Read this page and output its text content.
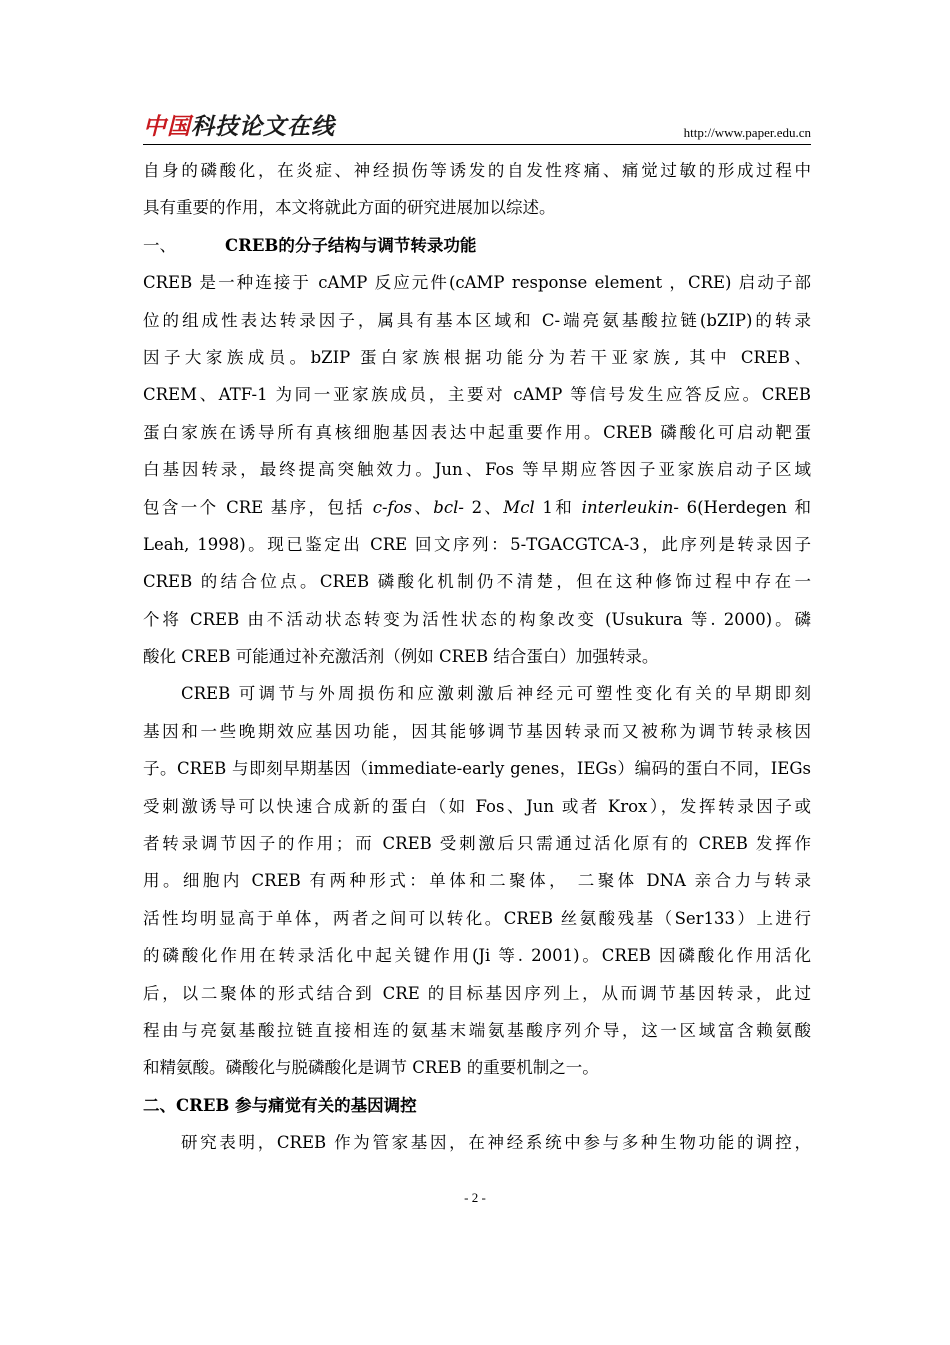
中国科技论文在线	http://www.paper.edu.cn
自身的磷酸化，在炎症、神经损伤等诱发的自发性疼痛、痛觉过敏的形成过程中
具有重要的作用，本文将就此方面的研究进展加以综述。
一、	CREB的分子结构与调节转录功能
CREB 是一种连接于 cAMP 反应元件(cAMP response element ，CRE) 启动子部
位的组成性表达转录因子，属具有基本区域和 C-端亮氨基酸拉链(bZIP)的转录
因子大家族成员。bZIP 蛋白家族根据功能分为若干亚家族, 其中 CREB、
CREM、ATF-1 为同一亚家族成员，主要对 cAMP 等信号发生应答反应。CREB
蛋白家族在诱导所有真核细胞基因表达中起重要作用。CREB 磷酸化可启动靶蛋
白基因转录，最终提高突触效力。Jun、Fos 等早期应答因子亚家族启动子区域
包含一个 CRE 基序，包括 c-fos、bcl- 2、Mcl 1和 interleukin- 6(Herdegen 和
Leah, 1998)。现已鉴定出 CRE 回文序列：5-TGACGTCA-3，此序列是转录因子
CREB 的结合位点。CREB 磷酸化机制仍不清楚，但在这种修饰过程中存在一
个将 CREB 由不活动状态转变为活性状态的构象改变 (Usukura 等. 2000)。磷
酸化 CREB 可能通过补充激活剂（例如 CREB 结合蛋白）加强转录。
CREB 可调节与外周损伤和应激刺激后神经元可塑性变化有关的早期即刻
基因和一些晚期效应基因功能，因其能够调节基因转录而又被称为调节转录核因
子。CREB 与即刻早期基因（immediate-early genes，IEGs）编码的蛋白不同，IEGs
受刺激诱导可以快速合成新的蛋白（如 Fos、Jun 或者 Krox），发挥转录因子或
者转录调节因子的作用；而 CREB 受刺激后只需通过活化原有的 CREB 发挥作
用。细胞内 CREB 有两种形式：单体和二聚体， 二聚体 DNA 亲合力与转录
活性均明显高于单体，两者之间可以转化。CREB 丝氨酸残基（Ser133）上进行
的磷酸化作用在转录活化中起关键作用(Ji 等. 2001)。CREB 因磷酸化作用活化
后，以二聚体的形式结合到 CRE 的目标基因序列上，从而调节基因转录，此过
程由与亮氨基酸拉链直接相连的氨基末端氨基酸序列介导，这一区域富含赖氨酸
和精氨酸。磷酸化与脱磷酸化是调节 CREB 的重要机制之一。
二、CREB 参与痛觉有关的基因调控
研究表明，CREB 作为管家基因，在神经系统中参与多种生物功能的调控，
- 2 -
